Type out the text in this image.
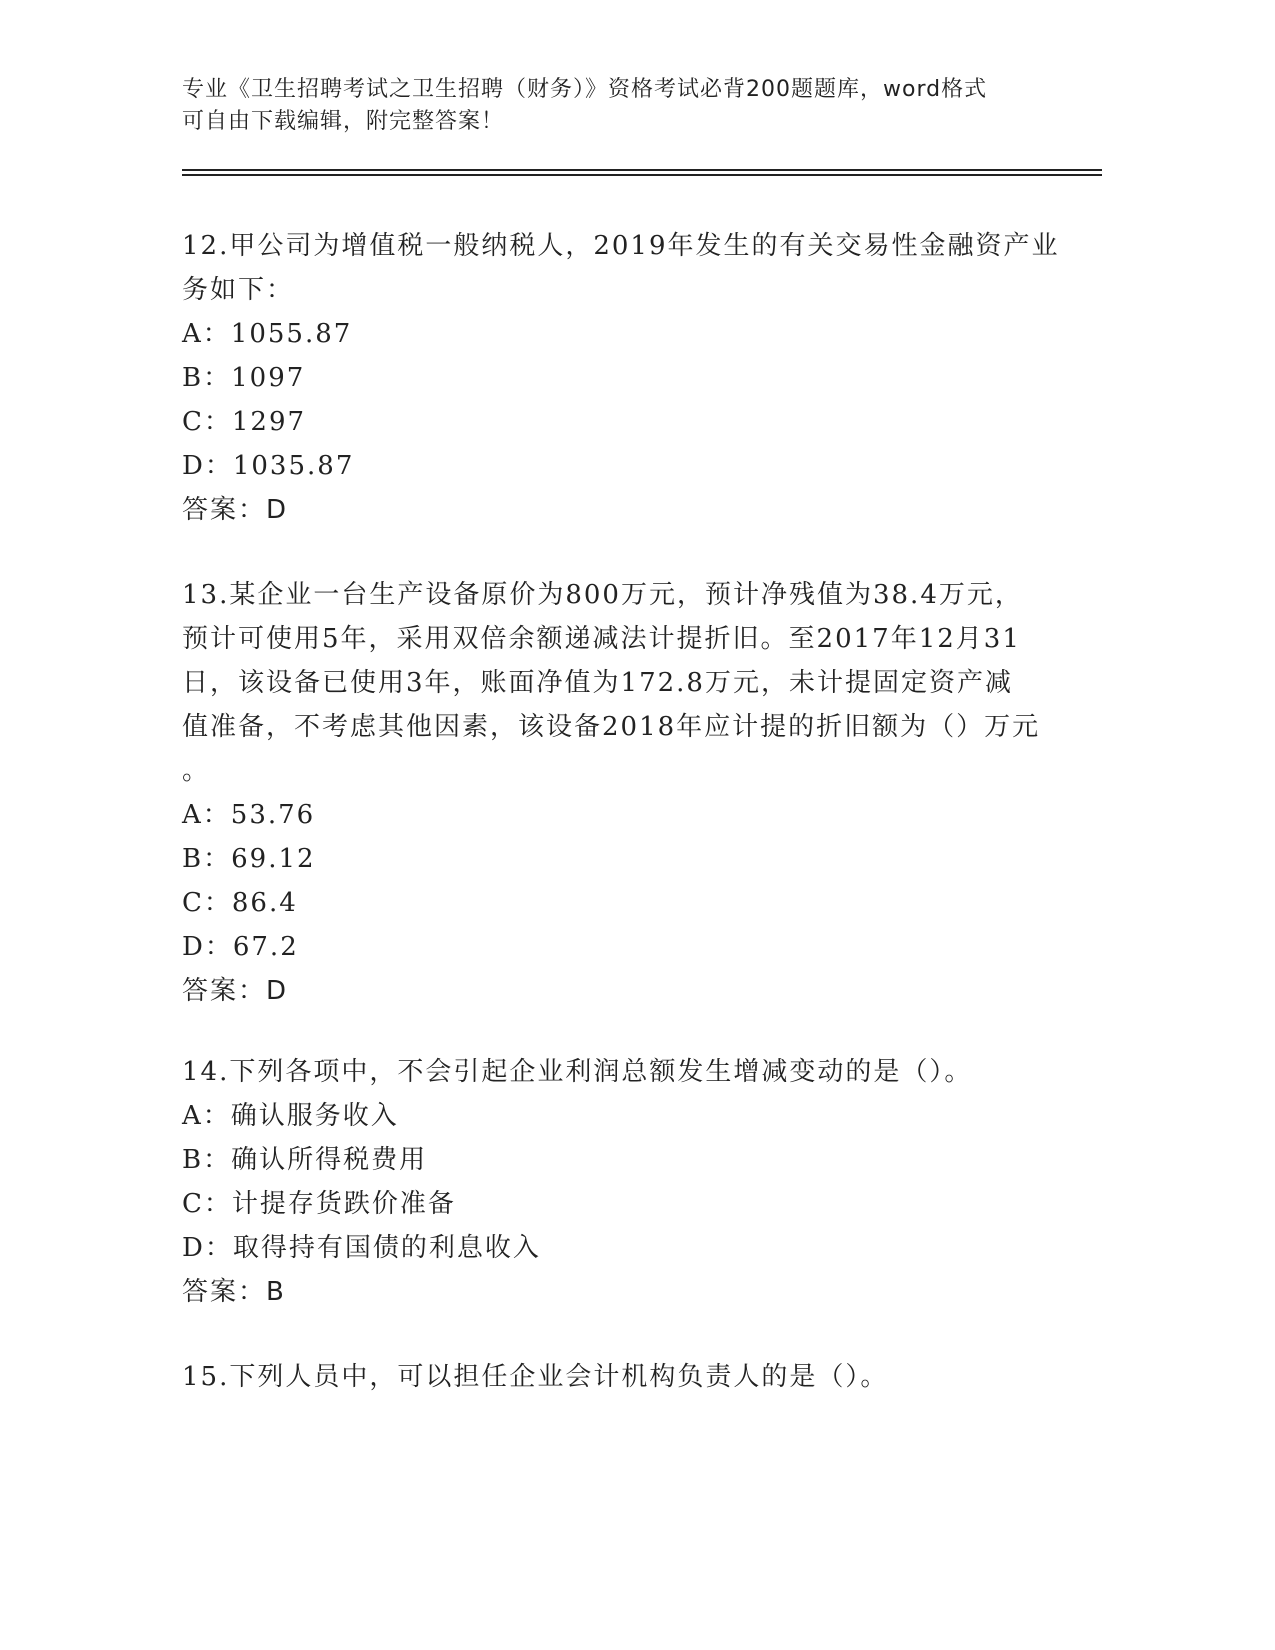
专业《卫生招聘考试之卫生招聘（财务）》资格考试必背200题题库，word格式

可自由下载编辑，附完整答案！

12.甲公司为增值税一般纳税人，2019年发生的有关交易性金融资产业
务如下：
A：1055.87
B：1097
C：1297
D：1035.87
答案：D
13.某企业一台生产设备原价为800万元，预计净残值为38.4万元，
预计可使用5年，采用双倍余额递减法计提折旧。至2017年12月31
日，该设备已使用3年，账面净值为172.8万元，未计提固定资产减
值准备，不考虑其他因素，该设备2018年应计提的折旧额为（）万元
。
A：53.76
B：69.12
C：86.4
D：67.2
答案：D
14.下列各项中，不会引起企业利润总额发生增减变动的是（）。
A：确认服务收入
B：确认所得税费用
C：计提存货跌价准备
D：取得持有国债的利息收入
答案：B
15.下列人员中，可以担任企业会计机构负责人的是（）。
